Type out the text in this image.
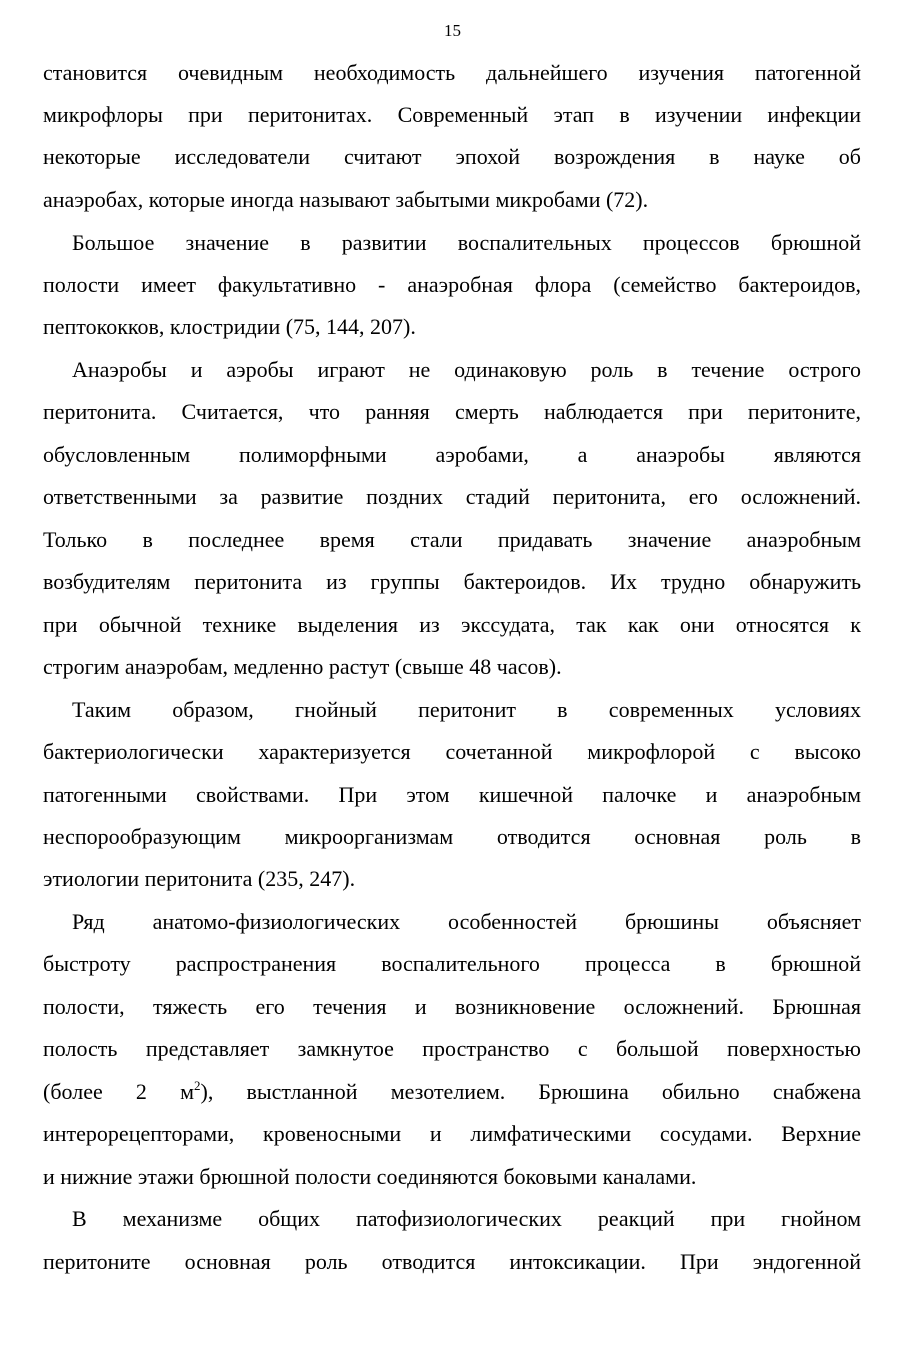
15
становится очевидным необходимость дальнейшего изучения патогенной
микрофлоры при перитонитах. Современный этап в изучении инфекции
некоторые исследователи считают эпохой возрождения в науке об
анаэробах, которые иногда называют забытыми микробами (72).
Большое значение в развитии воспалительных процессов брюшной
полости имеет факультативно - анаэробная флора (семейство бактероидов,
пептококков, клостридии (75, 144, 207).
Анаэробы и аэробы играют не одинаковую роль в течение острого
перитонита. Считается, что ранняя смерть наблюдается при перитоните,
обусловленным полиморфными аэробами, а анаэробы являются
ответственными за развитие поздних стадий перитонита, его осложнений.
Только в последнее время стали придавать значение анаэробным
возбудителям перитонита из группы бактероидов. Их трудно обнаружить
при обычной технике выделения из экссудата, так как они относятся к
строгим анаэробам, медленно растут (свыше 48 часов).
Таким образом, гнойный перитонит в современных условиях
бактериологически характеризуется сочетанной микрофлорой с высоко
патогенными свойствами. При этом кишечной палочке и анаэробным
неспорообразующим микроорганизмам отводится основная роль в
этиологии перитонита (235, 247).
Ряд анатомо-физиологических особенностей брюшины объясняет
быстроту распространения воспалительного процесса в брюшной
полости, тяжесть его течения и возникновение осложнений. Брюшная
полость представляет замкнутое пространство с большой поверхностью
(более 2 $м^2$), выстланной мезотелием. Брюшина обильно снабжена
интерорецепторами, кровеносными и лимфатическими сосудами. Верхние
и нижние этажи брюшной полости соединяются боковыми каналами.
В механизме общих патофизиологических реакций при гнойном
перитоните основная роль отводится интоксикации. При эндогенной
